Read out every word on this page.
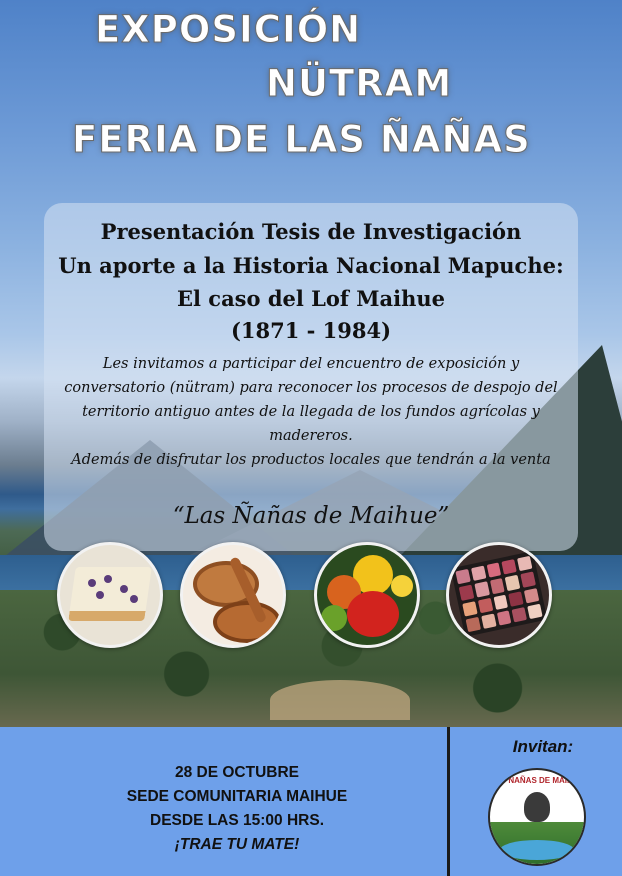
EXPOSICIÓN
NÜTRAM
FERIA DE LAS ÑAÑAS
Presentación Tesis de Investigación
Un aporte a la Historia Nacional Mapuche:
El caso del Lof Maihue
(1871 - 1984)

Les invitamos a participar del encuentro de exposición y conversatorio (nütram) para reconocer los procesos de despojo del territorio antiguo antes de la llegada de los fundos agrícolas y madereros.

Además de disfrutar los productos locales que tendrán a la venta

“Las Ñañas de Maihue”
28 DE OCTUBRE
SEDE COMUNITARIA MAIHUE
DESDE LAS 15:00 HRS.
¡TRAE TU MATE!
Invitan:
LAS ÑAÑAS DE MAIHUE
